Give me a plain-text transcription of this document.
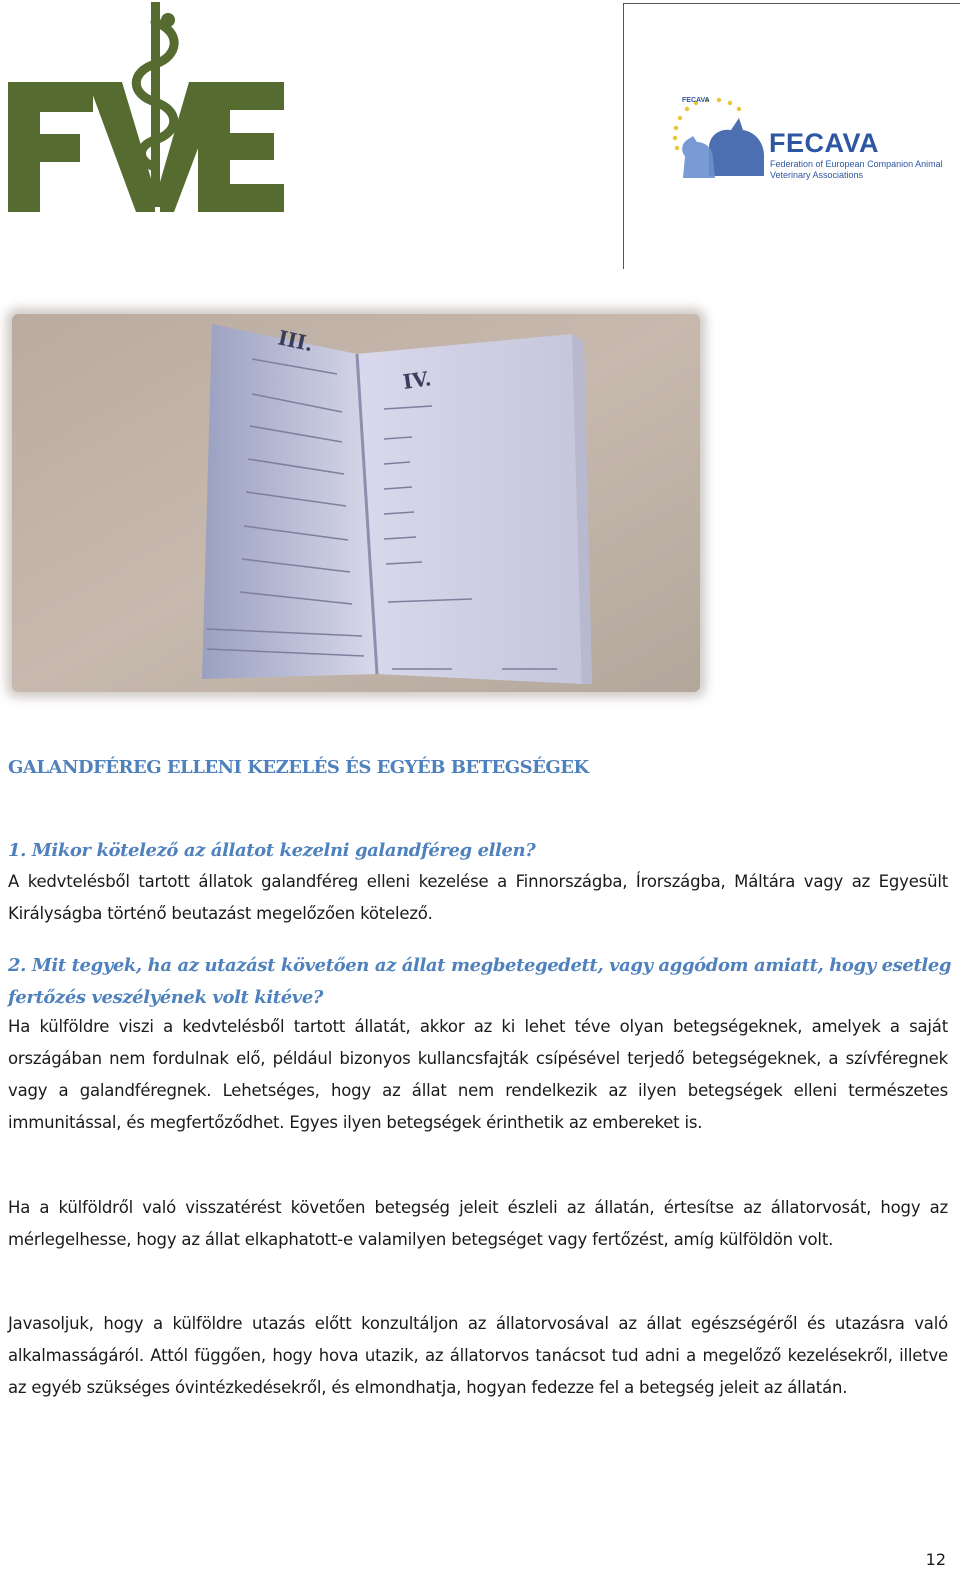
FECAVA
FECAVA
Federation of European Companion Animal Veterinary Associations
III.
IV.
GALANDFÉREG ELLENI KEZELÉS ÉS EGYÉB BETEGSÉGEK
1. Mikor kötelező az állatot kezelni galandféreg ellen?

A kedvtelésből tartott állatok galandféreg elleni kezelése a Finnországba, Írországba, Máltára vagy az Egyesült Királyságba történő beutazást megelőzően kötelező.

2. Mit tegyek, ha az utazást követően az állat megbetegedett, vagy aggódom amiatt, hogy esetleg fertőzés veszélyének volt kitéve?

Ha külföldre viszi a kedvtelésből tartott állatát, akkor az ki lehet téve olyan betegségeknek, amelyek a saját országában nem fordulnak elő, például bizonyos kullancsfajták csípésével terjedő betegségeknek, a szívféregnek vagy a galandféregnek. Lehetséges, hogy az állat nem rendelkezik az ilyen betegségek elleni természetes immunitással, és megfertőződhet. Egyes ilyen betegségek érinthetik az embereket is.

Ha a külföldről való visszatérést követően betegség jeleit észleli az állatán, értesítse az állatorvosát, hogy az mérlegelhesse, hogy az állat elkaphatott-e valamilyen betegséget vagy fertőzést, amíg külföldön volt.

Javasoljuk, hogy a külföldre utazás előtt konzultáljon az állatorvosával az állat egészségéről és utazásra való alkalmasságáról. Attól függően, hogy hova utazik, az állatorvos tanácsot tud adni a megelőző kezelésekről, illetve az egyéb szükséges óvintézkedésekről, és elmondhatja, hogyan fedezze fel a betegség jeleit az állatán.

12
